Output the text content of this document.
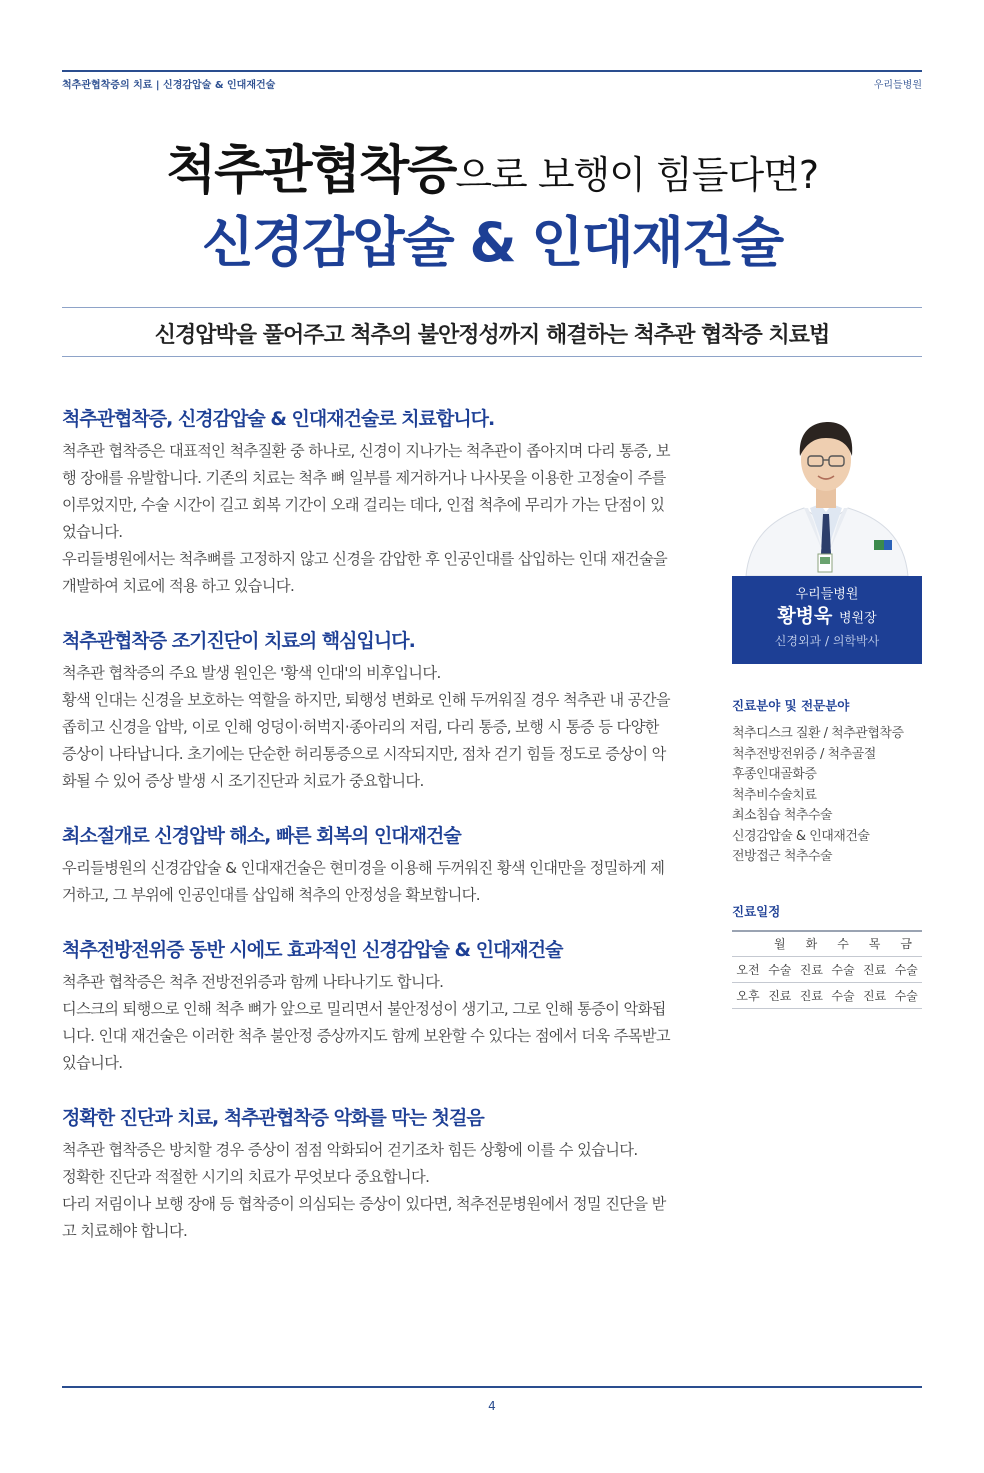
척추관협착증의 치료 | 신경감압술 & 인대재건술	우리들병원
척추관협착증으로 보행이 힘들다면?
신경감압술 & 인대재건술
신경압박을 풀어주고 척추의 불안정성까지 해결하는 척추관 협착증 치료법
척추관협착증, 신경감압술 & 인대재건술로 치료합니다.

척추관 협착증은 대표적인 척추질환 중 하나로, 신경이 지나가는 척추관이 좁아지며 다리 통증, 보행 장애를 유발합니다. 기존의 치료는 척추 뼈 일부를 제거하거나 나사못을 이용한 고정술이 주를 이루었지만, 수술 시간이 길고 회복 기간이 오래 걸리는 데다, 인접 척추에 무리가 가는 단점이 있었습니다.

우리들병원에서는 척추뼈를 고정하지 않고 신경을 감압한 후 인공인대를 삽입하는 인대 재건술을 개발하여 치료에 적용 하고 있습니다.

척추관협착증 조기진단이 치료의 핵심입니다.

척추관 협착증의 주요 발생 원인은 '황색 인대'의 비후입니다.

황색 인대는 신경을 보호하는 역할을 하지만, 퇴행성 변화로 인해 두꺼워질 경우 척추관 내 공간을 좁히고 신경을 압박, 이로 인해 엉덩이·허벅지·종아리의 저림, 다리 통증, 보행 시 통증 등 다양한 증상이 나타납니다. 초기에는 단순한 허리통증으로 시작되지만, 점차 걷기 힘들 정도로 증상이 악화될 수 있어 증상 발생 시 조기진단과 치료가 중요합니다.

최소절개로 신경압박 해소, 빠른 회복의 인대재건술

우리들병원의 신경감압술 & 인대재건술은 현미경을 이용해 두꺼워진 황색 인대만을 정밀하게 제거하고, 그 부위에 인공인대를 삽입해 척추의 안정성을 확보합니다.

척추전방전위증 동반 시에도 효과적인 신경감압술 & 인대재건술

척추관 협착증은 척추 전방전위증과 함께 나타나기도 합니다.

디스크의 퇴행으로 인해 척추 뼈가 앞으로 밀리면서 불안정성이 생기고, 그로 인해 통증이 악화됩니다. 인대 재건술은 이러한 척추 불안정 증상까지도 함께 보완할 수 있다는 점에서 더욱 주목받고 있습니다.

정확한 진단과 치료, 척추관협착증 악화를 막는 첫걸음

척추관 협착증은 방치할 경우 증상이 점점 악화되어 걷기조차 힘든 상황에 이를 수 있습니다.

정확한 진단과 적절한 시기의 치료가 무엇보다 중요합니다.

다리 저림이나 보행 장애 등 협착증이 의심되는 증상이 있다면, 척추전문병원에서 정밀 진단을 받고 치료해야 합니다.

우리들병원
황병욱 병원장
신경외과 / 의학박사
진료분야 및 전문분야
척추디스크 질환 / 척추관협착증
척추전방전위증 / 척추골절
후종인대골화증
척추비수술치료
최소침습 척추수술
신경감압술 & 인대재건술
전방접근 척추수술
진료일정
	월	화	수	목	금
오전	수술	진료	수술	진료	수술
오후	진료	진료	수술	진료	수술
4
